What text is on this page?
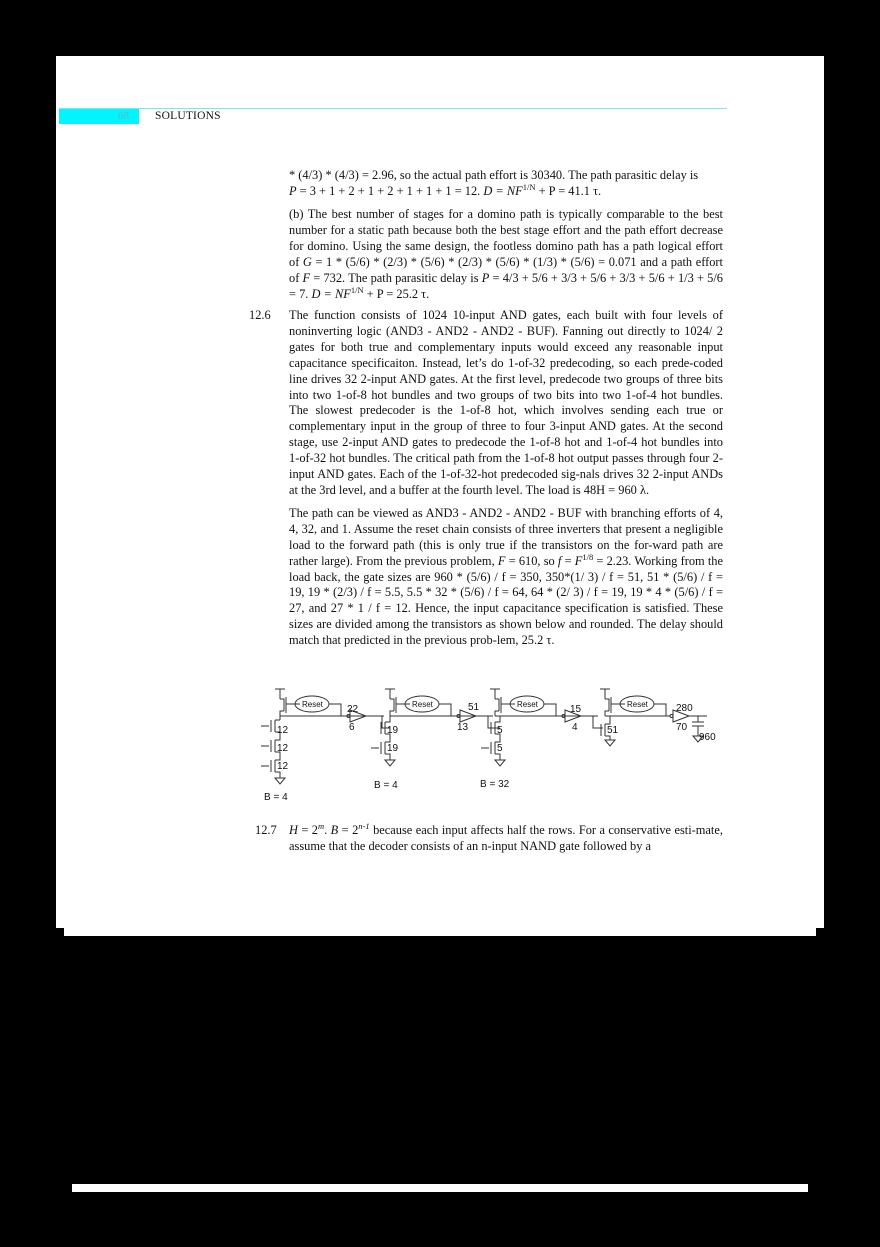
68 SOLUTIONS

* (4/3) * (4/3) = 2.96, so the actual path effort is 30340. The path parasitic delay is

P = 3 + 1 + 2 + 1 + 2 + 1 + 1 + 1 = 12. $D = NF^{1/N} + P = 41.1$ τ.

(b) The best number of stages for a domino path is typically comparable to the best number for a static path because both the best stage effort and the path effort decrease for domino. Using the same design, the footless domino path has a path logical effort of G = 1 * (5/6) * (2/3) * (5/6) * (2/3) * (5/6) * (1/3) * (5/6) = 0.071 and a path effort of F = 732. The path parasitic delay is P = 4/3 + 5/6 + 3/3 + 5/6 + 3/3 + 5/6 + 1/3 + 5/6 = 7. $D = NF^{1/N} + P = 25.2$ τ.

12.6 The function consists of 1024 10-input AND gates, each built with four levels of noninverting logic (AND3 - AND2 - AND2 - BUF). Fanning out directly to 1024/ 2 gates for both true and complementary inputs would exceed any reasonable input capacitance specificaiton. Instead, let’s do 1-of-32 predecoding, so each prede-coded line drives 32 2-input AND gates. At the first level, predecode two groups of three bits into two 1-of-8 hot bundles and two groups of two bits into two 1-of-4 hot bundles. The slowest predecoder is the 1-of-8 hot, which involves sending each true or complementary input in the group of three to four 3-input AND gates. At the second stage, use 2-input AND gates to predecode the 1-of-8 hot and 1-of-4 hot bundles into 1-of-32 hot bundles. The critical path from the 1-of-8 hot output passes through four 2-input AND gates. Each of the 1-of-32-hot predecoded sig-nals drives 32 2-input ANDs at the 3rd level, and a buffer at the fourth level. The load is 48H = 960 λ.

The path can be viewed as AND3 - AND2 - AND2 - BUF with branching efforts of 4, 4, 32, and 1. Assume the reset chain consists of three inverters that present a negligible load to the forward path (this is only true if the transistors on the for-ward path are rather large). From the previous problem, F = 610, so $f = F^{1/8} = 2.23$. Working from the load back, the gate sizes are 960 * (5/6) / f = 350, 350*(1/ 3) / f = 51, 51 * (5/6) / f = 19, 19 * (2/3) / f = 5.5, 5.5 * 32 * (5/6) / f = 64, 64 * (2/ 3) / f = 19, 19 * 4 * (5/6) / f = 27, and 27 * 1 / f = 12. Hence, the input capacitance specification is satisfied. These sizes are divided among the transistors as shown below and rounded. The delay should match that predicted in the previous prob-lem, 25.2 τ.

Reset	Reset	Reset	Reset
12
12
12
22
6
B = 4
19
19
51
13
B = 4
5
5
15
4
B = 32
51
280
70
960
12.7 $H = 2^m$. $B = 2^{n-1}$ because each input affects half the rows. For a conservative esti-mate, assume that the decoder consists of an n-input NAND gate followed by a
